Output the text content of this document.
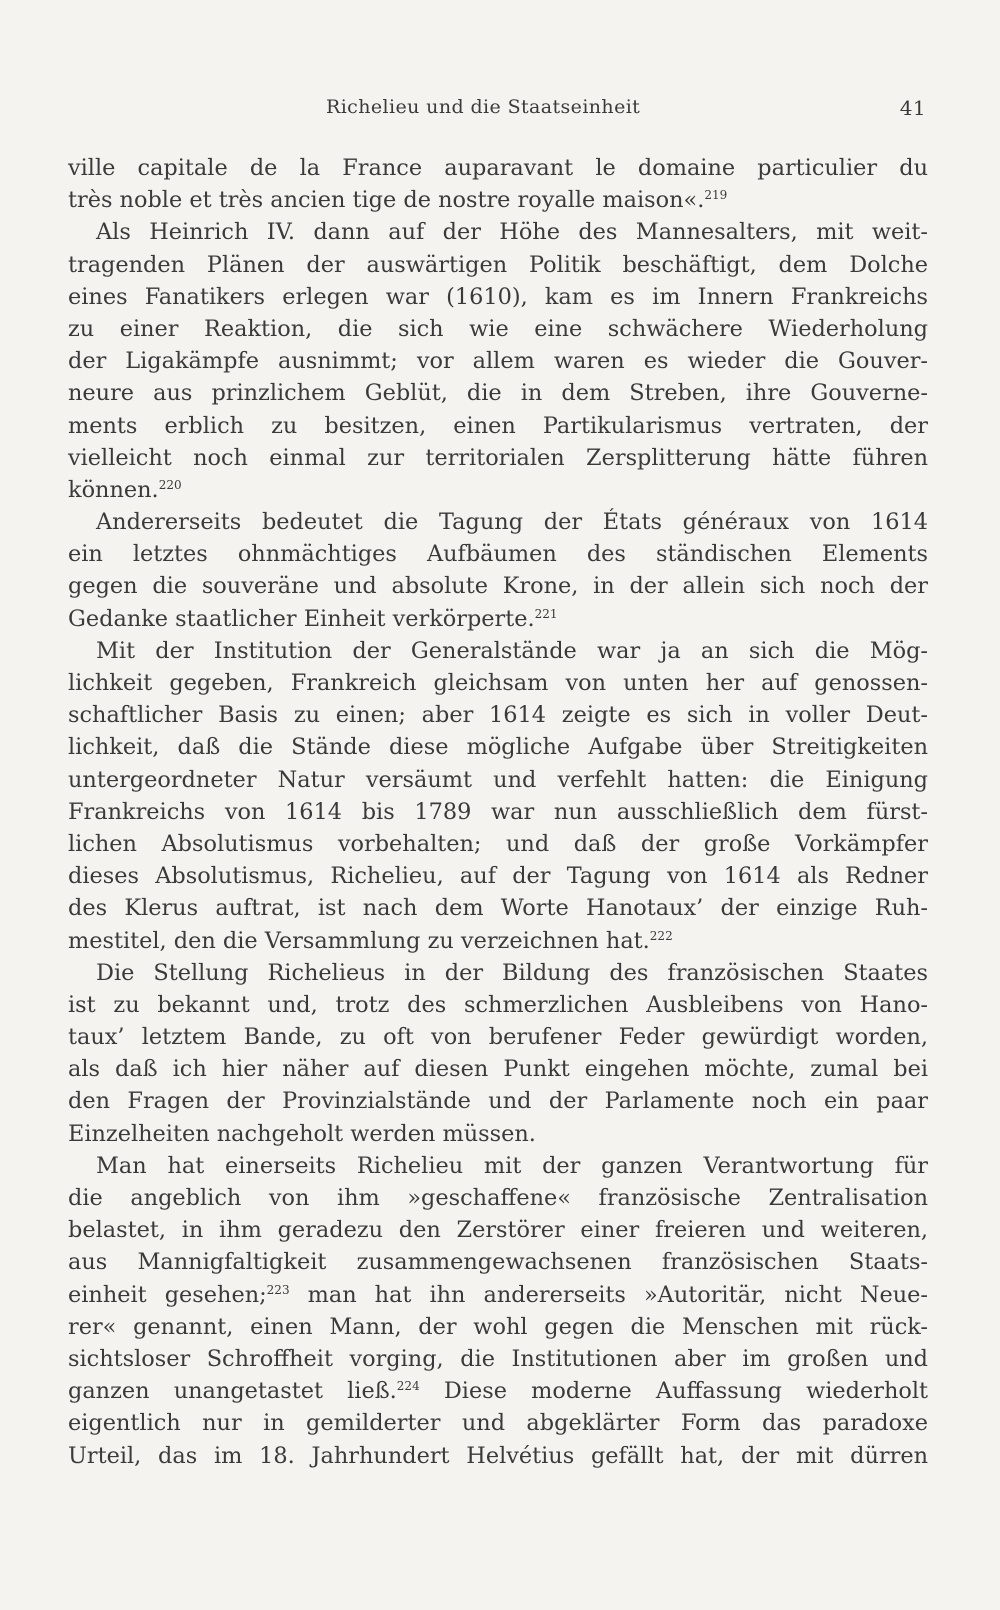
Richelieu und die Staatseinheit	41
ville capitale de la France auparavant le domaine particulier du
très noble et très ancien tige de nostre royalle maison«.$^{219}$
Als Heinrich IV. dann auf der Höhe des Mannesalters, mit weit-
tragenden Plänen der auswärtigen Politik beschäftigt, dem Dolche
eines Fanatikers erlegen war (1610), kam es im Innern Frankreichs
zu einer Reaktion, die sich wie eine schwächere Wiederholung
der Ligakämpfe ausnimmt; vor allem waren es wieder die Gouver-
neure aus prinzlichem Geblüt, die in dem Streben, ihre Gouverne-
ments erblich zu besitzen, einen Partikularismus vertraten, der
vielleicht noch einmal zur territorialen Zersplitterung hätte führen
können.$^{220}$
Andererseits bedeutet die Tagung der États généraux von 1614
ein letztes ohnmächtiges Aufbäumen des ständischen Elements
gegen die souveräne und absolute Krone, in der allein sich noch der
Gedanke staatlicher Einheit verkörperte.$^{221}$
Mit der Institution der Generalstände war ja an sich die Mög-
lichkeit gegeben, Frankreich gleichsam von unten her auf genossen-
schaftlicher Basis zu einen; aber 1614 zeigte es sich in voller Deut-
lichkeit, daß die Stände diese mögliche Aufgabe über Streitigkeiten
untergeordneter Natur versäumt und verfehlt hatten: die Einigung
Frankreichs von 1614 bis 1789 war nun ausschließlich dem fürst-
lichen Absolutismus vorbehalten; und daß der große Vorkämpfer
dieses Absolutismus, Richelieu, auf der Tagung von 1614 als Redner
des Klerus auftrat, ist nach dem Worte Hanotaux’ der einzige Ruh-
mestitel, den die Versammlung zu verzeichnen hat.$^{222}$
Die Stellung Richelieus in der Bildung des französischen Staates
ist zu bekannt und, trotz des schmerzlichen Ausbleibens von Hano-
taux’ letztem Bande, zu oft von berufener Feder gewürdigt worden,
als daß ich hier näher auf diesen Punkt eingehen möchte, zumal bei
den Fragen der Provinzialstände und der Parlamente noch ein paar
Einzelheiten nachgeholt werden müssen.
Man hat einerseits Richelieu mit der ganzen Verantwortung für
die angeblich von ihm »geschaffene« französische Zentralisation
belastet, in ihm geradezu den Zerstörer einer freieren und weiteren,
aus Mannigfaltigkeit zusammengewachsenen französischen Staats-
einheit gesehen;$^{223}$ man hat ihn andererseits »Autoritär, nicht Neue-
rer« genannt, einen Mann, der wohl gegen die Menschen mit rück-
sichtsloser Schroffheit vorging, die Institutionen aber im großen und
ganzen unangetastet ließ.$^{224}$ Diese moderne Auffassung wiederholt
eigentlich nur in gemilderter und abgeklärter Form das paradoxe
Urteil, das im 18. Jahrhundert Helvétius gefällt hat, der mit dürren
